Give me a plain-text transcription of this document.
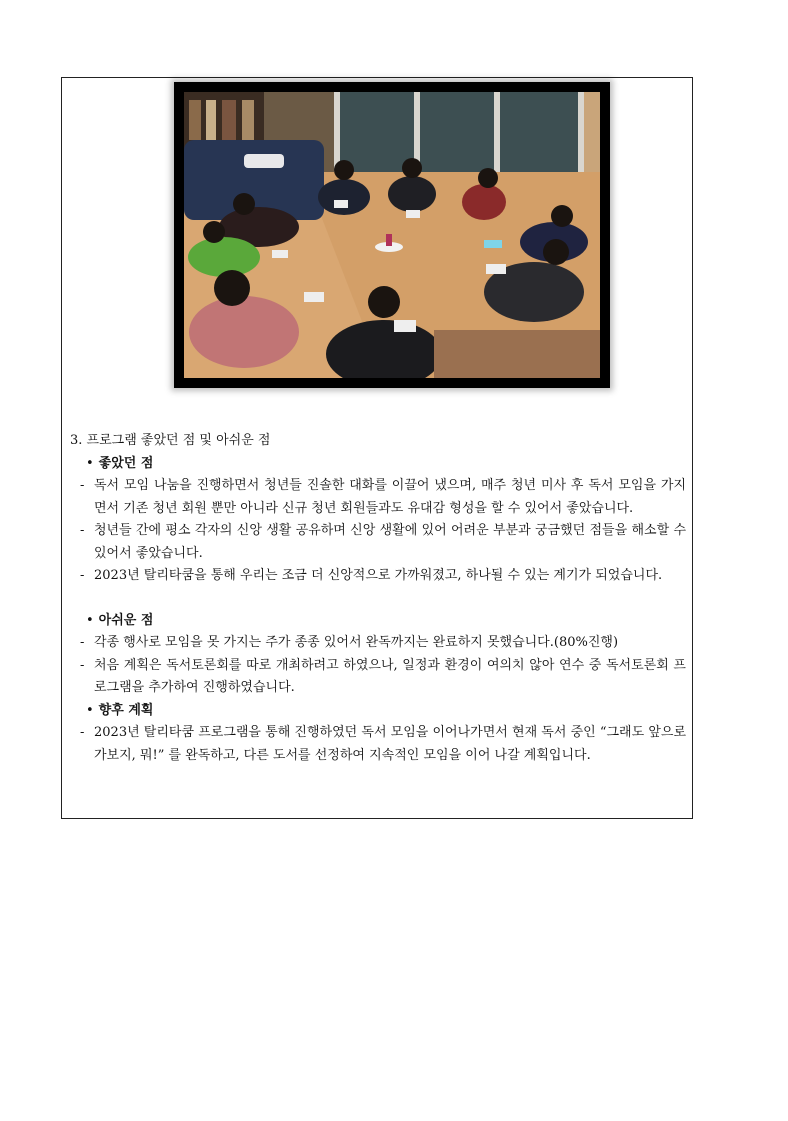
3. 프로그램 좋았던 점 및 아쉬운 점

• 좋았던 점

- 독서 모임 나눔을 진행하면서 청년들 진솔한 대화를 이끌어 냈으며, 매주 청년 미사 후 독서 모임을 가지면서 기존 청년 회원 뿐만 아니라 신규 청년 회원들과도 유대감 형성을 할 수 있어서 좋았습니다.

- 청년들 간에 평소 각자의 신앙 생활 공유하며 신앙 생활에 있어 어려운 부분과 궁금했던 점들을 해소할 수 있어서 좋았습니다.

- 2023년 탈리타쿰을 통해 우리는 조금 더 신앙적으로 가까워졌고, 하나될 수 있는 계기가 되었습니다.

• 아쉬운 점

- 각종 행사로 모임을 못 가지는 주가 종종 있어서 완독까지는 완료하지 못했습니다.(80%진행)

- 처음 계획은 독서토론회를 따로 개최하려고 하였으나, 일정과 환경이 여의치 않아 연수 중 독서토론회 프로그램을 추가하여 진행하였습니다.

• 향후 계획

- 2023년 탈리타쿰 프로그램을 통해 진행하였던 독서 모임을 이어나가면서 현재 독서 중인 “그래도 앞으로 가보지, 뭐!” 를 완독하고, 다른 도서를 선정하여 지속적인 모임을 이어 나갈 계획입니다.
